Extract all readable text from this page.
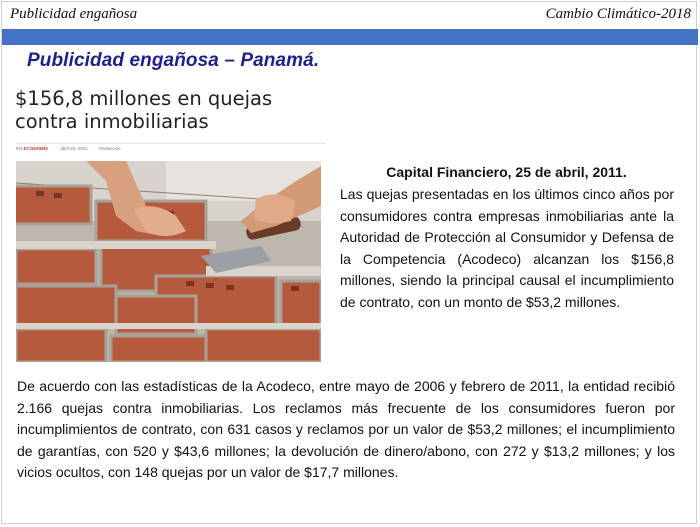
Publicidad engañosa	Cambio Climático-2018
Publicidad engañosa – Panamá.
$156,8 millones en quejas contra inmobiliarias
EN ECONOMÍA · abril 26, 2011 · Redacción
Capital Financiero, 25 de abril, 2011.

Las quejas presentadas en los últimos cinco años por consumidores contra empresas inmobiliarias ante la Autoridad de Protección al Consumidor y Defensa de la Competencia (Acodeco) alcanzan los $156,8 millones, siendo la principal causal el incumplimiento de contrato, con un monto de $53,2 millones.

De acuerdo con las estadísticas de la Acodeco, entre mayo de 2006 y febrero de 2011, la entidad recibió 2.166 quejas contra inmobiliarias. Los reclamos más frecuente de los consumidores fueron por incumplimientos de contrato, con 631 casos y reclamos por un valor de $53,2 millones; el incumplimiento de garantías, con 520 y $43,6 millones; la devolución de dinero/abono, con 272 y $13,2 millones; y los vicios ocultos, con 148 quejas por un valor de $17,7 millones.
